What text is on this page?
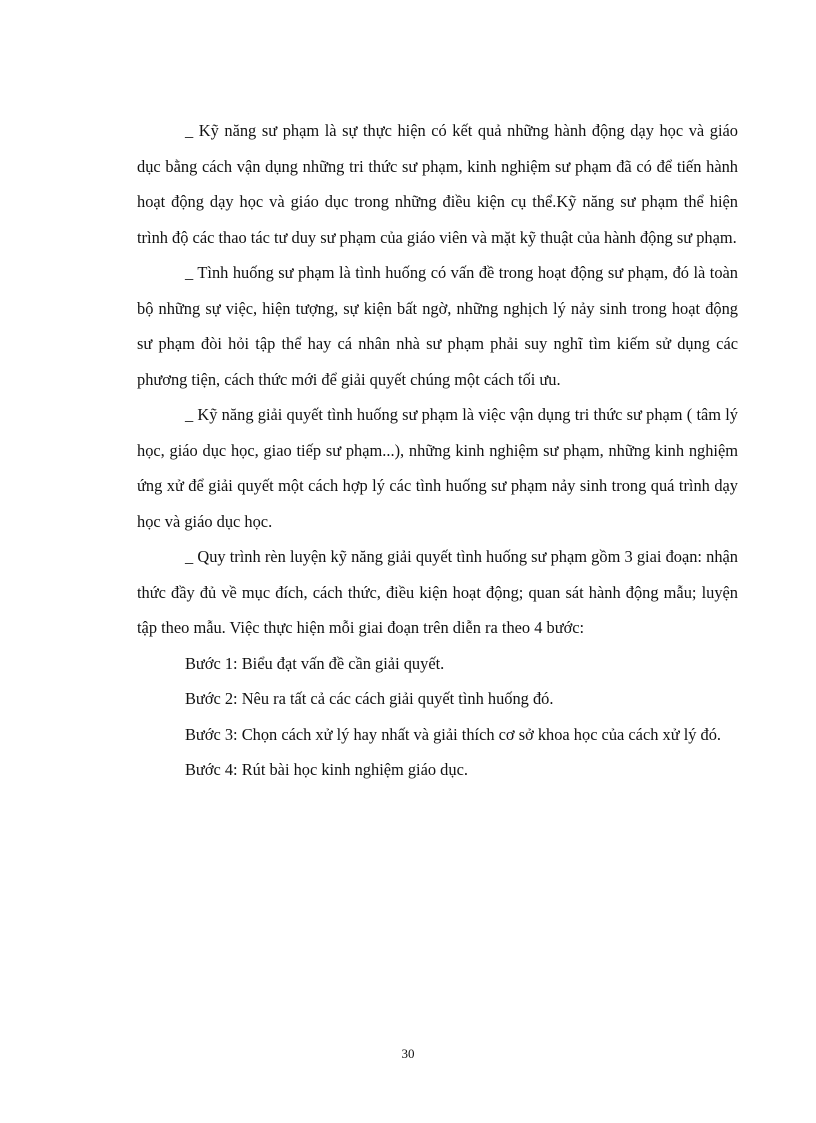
_ Kỹ năng sư phạm là sự thực hiện có kết quả những hành động dạy học và giáo dục bằng cách vận dụng những tri thức sư phạm, kinh nghiệm sư phạm đã có để tiến hành hoạt động dạy học và giáo dục trong những điều kiện cụ thể.Kỹ năng sư phạm thể hiện trình độ các thao tác tư duy sư phạm của giáo viên và mặt kỹ thuật của hành động sư phạm.

_ Tình huống sư phạm là tình huống có vấn đề trong hoạt động sư phạm, đó là toàn bộ những sự việc, hiện tượng, sự kiện bất ngờ, những nghịch lý nảy sinh trong hoạt động sư phạm đòi hỏi tập thể hay cá nhân nhà sư phạm phải suy nghĩ tìm kiếm sử dụng các phương tiện, cách thức mới để giải quyết chúng một cách tối ưu.

_ Kỹ năng giải quyết tình huống sư phạm là việc vận dụng tri thức sư phạm ( tâm lý học, giáo dục học, giao tiếp sư phạm...), những kinh nghiệm sư phạm, những kinh nghiệm ứng xử để giải quyết một cách hợp lý các tình huống sư phạm nảy sinh trong quá trình dạy học và giáo dục học.

_ Quy trình rèn luyện kỹ năng giải quyết tình huống sư phạm gồm 3 giai đoạn: nhận thức đầy đủ về mục đích, cách thức, điều kiện hoạt động; quan sát hành động mẫu; luyện tập theo mẫu. Việc thực hiện mỗi giai đoạn trên diễn ra theo 4 bước:

Bước 1: Biểu đạt vấn đề cần giải quyết.

Bước 2: Nêu ra tất cả các cách giải quyết tình huống đó.

Bước 3: Chọn cách xử lý hay nhất và giải thích cơ sở khoa học của cách xử lý đó.

Bước 4: Rút bài học kinh nghiệm giáo dục.

30
